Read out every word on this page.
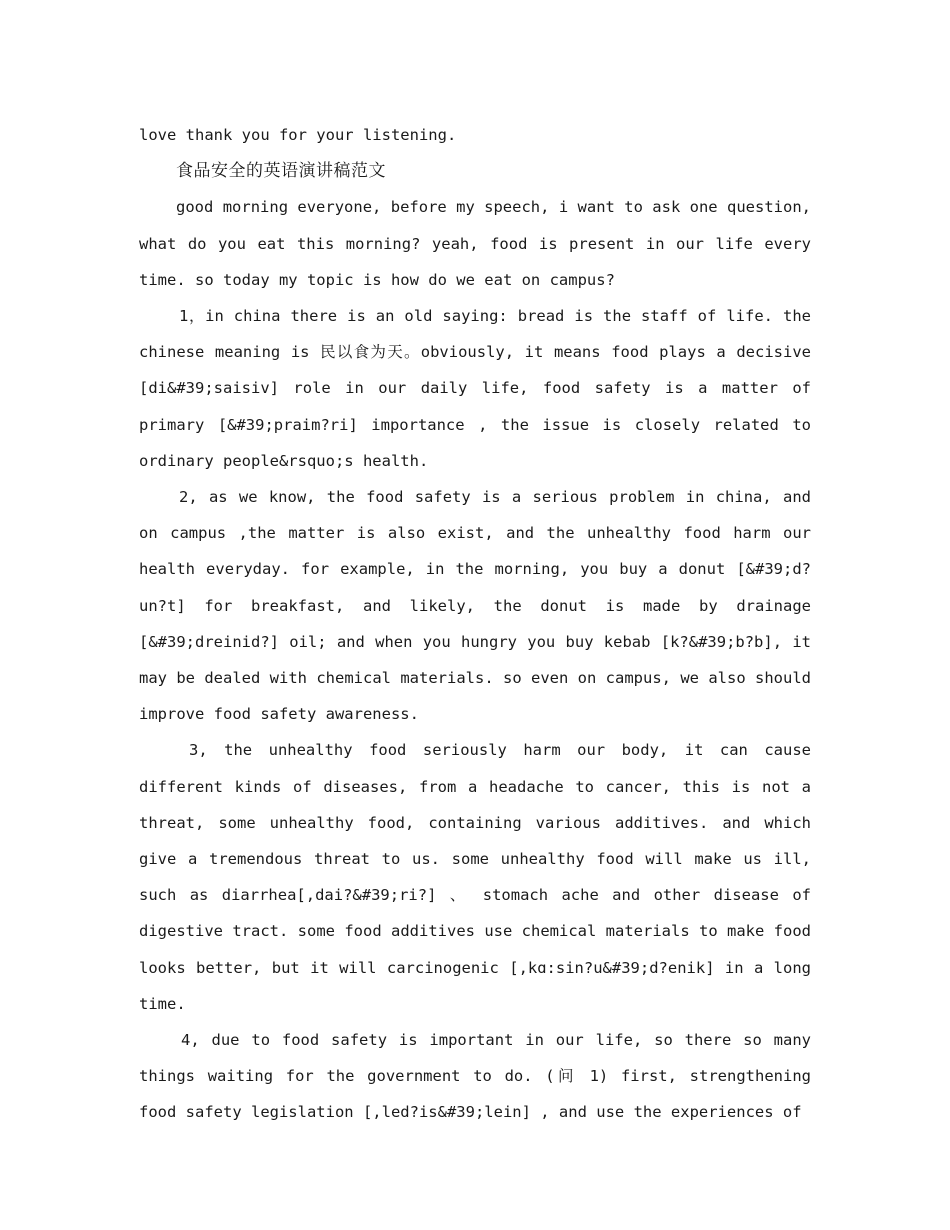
love thank you for your listening.

食品安全的英语演讲稿范文

good morning everyone, before my speech, i want to ask one question, what do you eat this morning? yeah, food is present in our life every time. so today my topic is how do we eat on campus?

1，in china there is an old saying: bread is the staff of life. the chinese meaning is 民以食为天。obviously, it means food plays a decisive [di&#39;saisiv] role in our daily life, food safety is a matter of primary [&#39;praim?ri] importance , the issue is closely related to ordinary people&rsquo;s health.

2, as we know, the food safety is a serious problem in china, and on campus ,the matter is also exist, and the unhealthy food harm our health everyday. for example, in the morning, you buy a donut [&#39;d?un?t] for breakfast, and likely, the donut is made by drainage [&#39;dreinid?] oil; and when you hungry you buy kebab [k?&#39;b?b], it may be dealed with chemical materials. so even on campus, we also should improve food safety awareness.

3, the unhealthy food seriously harm our body, it can cause different kinds of diseases, from a headache to cancer, this is not a threat, some unhealthy food, containing various additives. and which give a tremendous threat to us. some unhealthy food will make us ill, such as diarrhea[,dai?&#39;ri?] 、 stomach ache and other disease of digestive tract. some food additives use chemical materials to make food looks better, but it will carcinogenic [,kɑ:sin?u&#39;d?enik] in a long time.

4, due to food safety is important in our life, so there so many things waiting for the government to do. (问 1) first, strengthening food safety legislation [,led?is&#39;lein] , and use the experiences of
